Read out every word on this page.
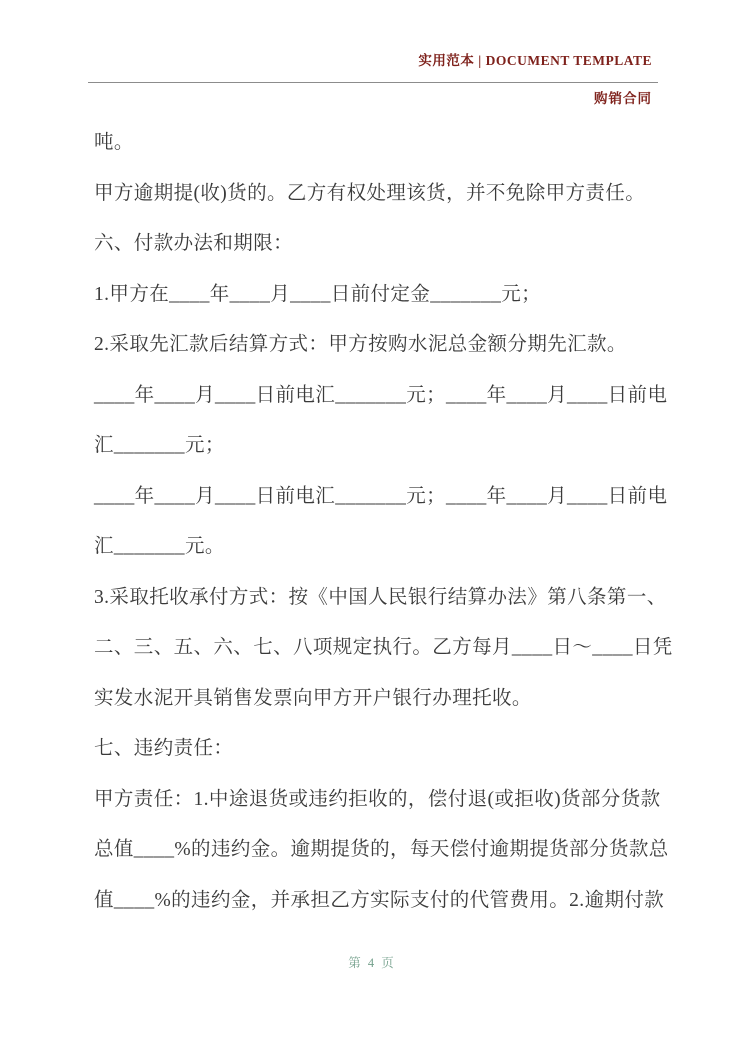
实用范本 | DOCUMENT TEMPLATE
购销合同

吨。

甲方逾期提(收)货的。乙方有权处理该货，并不免除甲方责任。

六、付款办法和期限：

1.甲方在____年____月____日前付定金_______元；

2.采取先汇款后结算方式：甲方按购水泥总金额分期先汇款。

____年____月____日前电汇_______元；____年____月____日前电

汇_______元；

____年____月____日前电汇_______元；____年____月____日前电

汇_______元。

3.采取托收承付方式：按《中国人民银行结算办法》第八条第一、

二、三、五、六、七、八项规定执行。乙方每月____日～____日凭

实发水泥开具销售发票向甲方开户银行办理托收。

七、违约责任：

甲方责任：1.中途退货或违约拒收的，偿付退(或拒收)货部分货款

总值____%的违约金。逾期提货的，每天偿付逾期提货部分货款总

值____%的违约金，并承担乙方实际支付的代管费用。2.逾期付款

第 4 页
